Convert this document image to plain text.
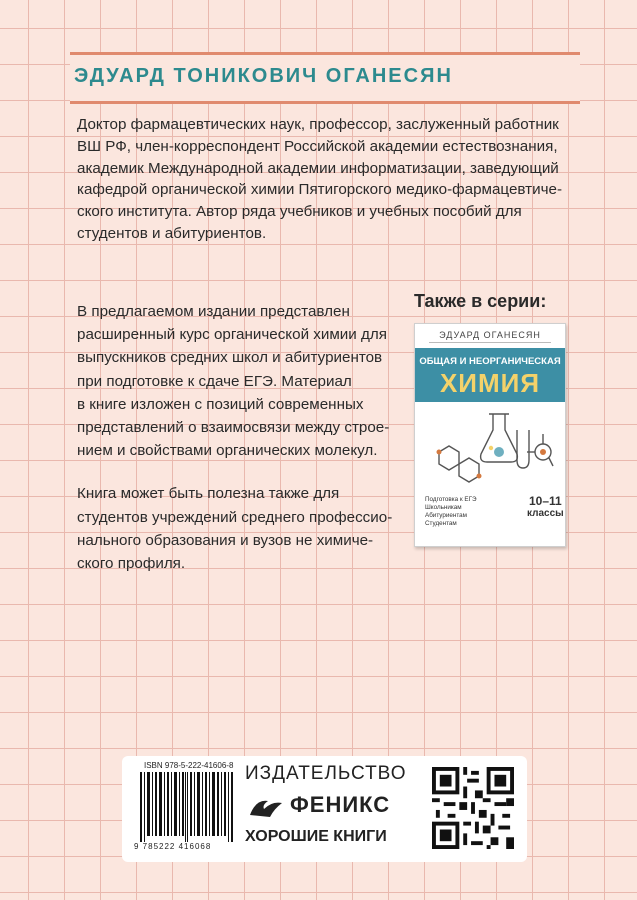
ЭДУАРД ТОНИКОВИЧ ОГАНЕСЯН
Доктор фармацевтических наук, профессор, заслуженный работник
ВШ РФ, член-корреспондент Российской академии естествознания,
академик Международной академии информатизации, заведующий
кафедрой органической химии Пятигорского медико-фармацевтиче-
ского института. Автор ряда учебников и учебных пособий для
студентов и абитуриентов.

В предлагаемом издании представлен
расширенный курс органической химии для
выпускников средних школ и абитуриентов
при подготовке к сдаче ЕГЭ. Материал
в книге изложен с позиций современных
представлений о взаимосвязи между строе-
нием и свойствами органических молекул.

Книга может быть полезна также для
студентов учреждений среднего профессио-
нального образования и вузов не химиче-
ского профиля.

Также в серии:
ЭДУАРД ОГАНЕСЯН
ОБЩАЯ И НЕОРГАНИЧЕСКАЯ
ХИМИЯ
Подготовка к ЕГЭ
Школьникам
Абитуриентам
Студентам
10–11
классы
ISBN 978-5-222-41606-8
9 785222 416068
ИЗДАТЕЛЬСТВО
ФЕНИКС
ХОРОШИЕ КНИГИ
